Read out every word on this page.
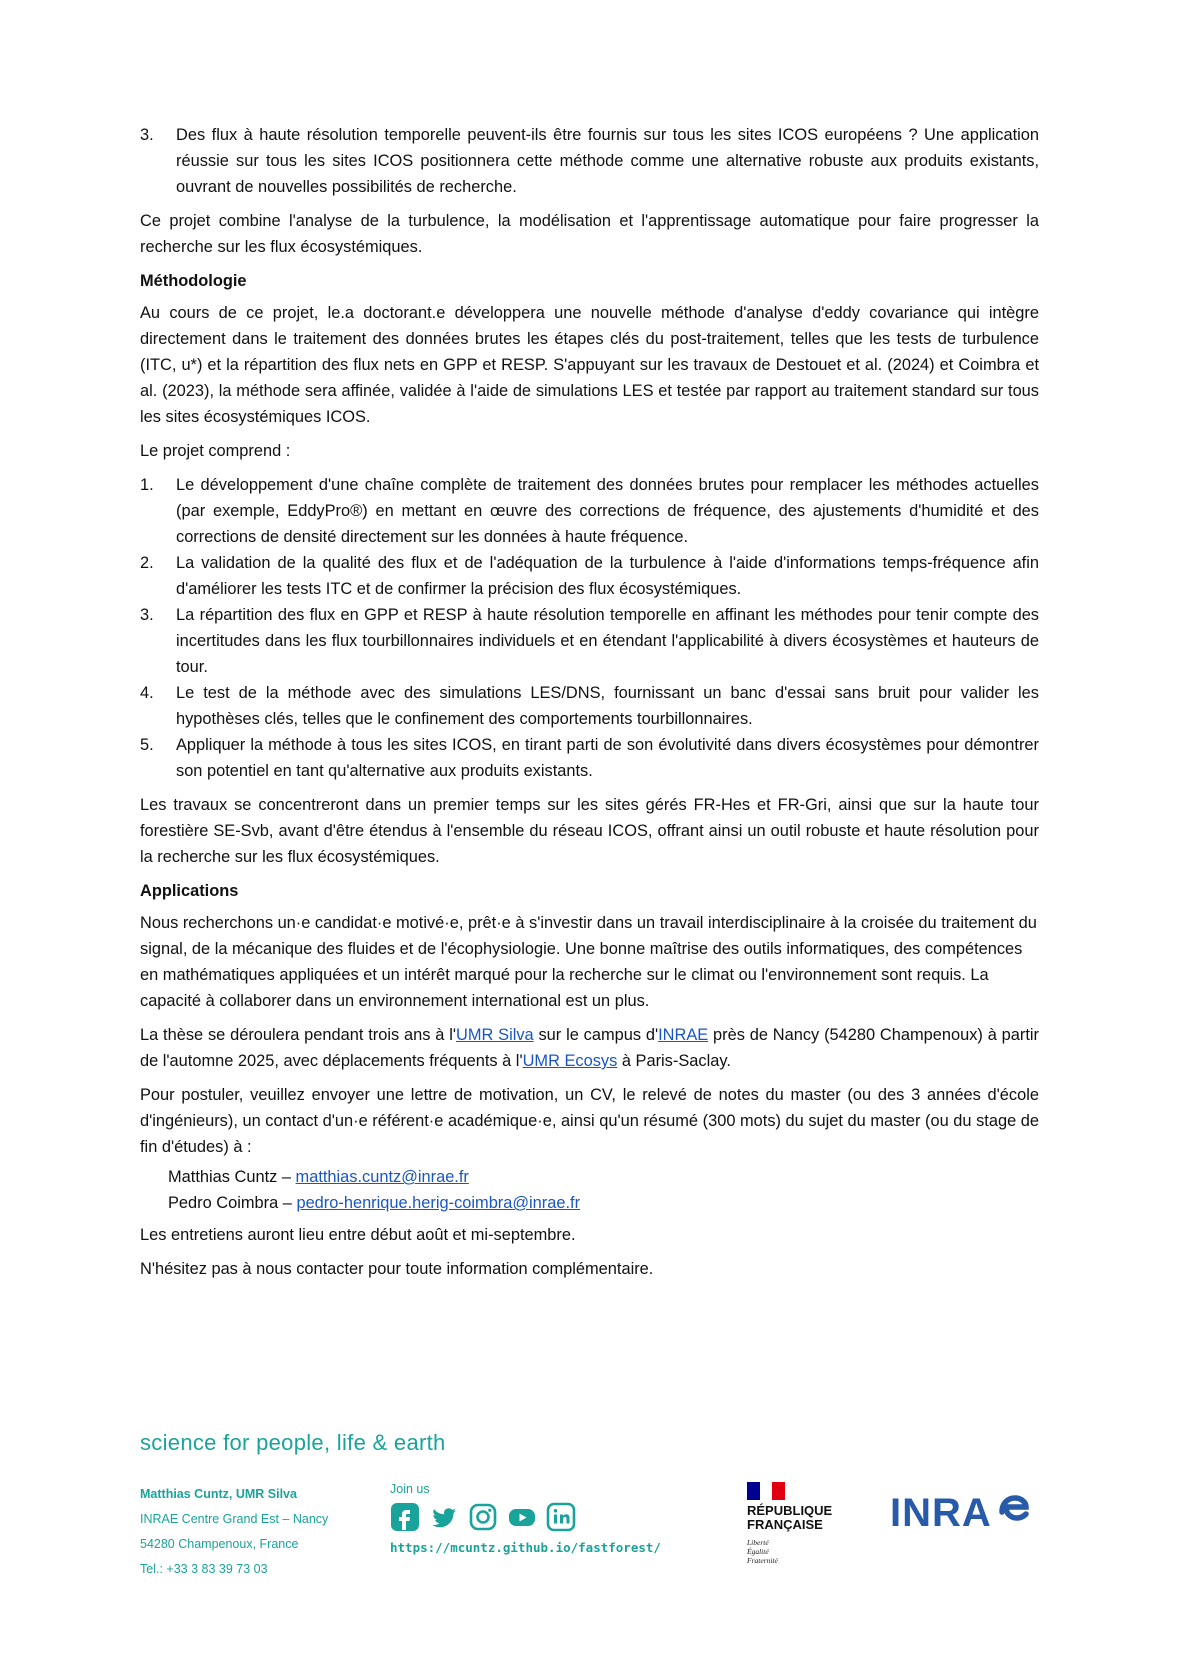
3. Des flux à haute résolution temporelle peuvent-ils être fournis sur tous les sites ICOS européens ? Une application réussie sur tous les sites ICOS positionnera cette méthode comme une alternative robuste aux produits existants, ouvrant de nouvelles possibilités de recherche.

Ce projet combine l'analyse de la turbulence, la modélisation et l'apprentissage automatique pour faire progresser la recherche sur les flux écosystémiques.

Méthodologie

Au cours de ce projet, le.a doctorant.e développera une nouvelle méthode d'analyse d'eddy covariance qui intègre directement dans le traitement des données brutes les étapes clés du post-traitement, telles que les tests de turbulence (ITC, u*) et la répartition des flux nets en GPP et RESP. S'appuyant sur les travaux de Destouet et al. (2024) et Coimbra et al. (2023), la méthode sera affinée, validée à l'aide de simulations LES et testée par rapport au traitement standard sur tous les sites écosystémiques ICOS.

Le projet comprend :

1. Le développement d'une chaîne complète de traitement des données brutes pour remplacer les méthodes actuelles (par exemple, EddyPro®) en mettant en œuvre des corrections de fréquence, des ajustements d'humidité et des corrections de densité directement sur les données à haute fréquence.
2. La validation de la qualité des flux et de l'adéquation de la turbulence à l'aide d'informations temps-fréquence afin d'améliorer les tests ITC et de confirmer la précision des flux écosystémiques.
3. La répartition des flux en GPP et RESP à haute résolution temporelle en affinant les méthodes pour tenir compte des incertitudes dans les flux tourbillonnaires individuels et en étendant l'applicabilité à divers écosystèmes et hauteurs de tour.
4. Le test de la méthode avec des simulations LES/DNS, fournissant un banc d'essai sans bruit pour valider les hypothèses clés, telles que le confinement des comportements tourbillonnaires.
5. Appliquer la méthode à tous les sites ICOS, en tirant parti de son évolutivité dans divers écosystèmes pour démontrer son potentiel en tant qu'alternative aux produits existants.

Les travaux se concentreront dans un premier temps sur les sites gérés FR-Hes et FR-Gri, ainsi que sur la haute tour forestière SE-Svb, avant d'être étendus à l'ensemble du réseau ICOS, offrant ainsi un outil robuste et haute résolution pour la recherche sur les flux écosystémiques.

Applications

Nous recherchons un·e candidat·e motivé·e, prêt·e à s'investir dans un travail interdisciplinaire à la croisée du traitement du signal, de la mécanique des fluides et de l'écophysiologie. Une bonne maîtrise des outils informatiques, des compétences en mathématiques appliquées et un intérêt marqué pour la recherche sur le climat ou l'environnement sont requis. La capacité à collaborer dans un environnement international est un plus.

La thèse se déroulera pendant trois ans à l'UMR Silva sur le campus d'INRAE près de Nancy (54280 Champenoux) à partir de l'automne 2025, avec déplacements fréquents à l'UMR Ecosys à Paris-Saclay.

Pour postuler, veuillez envoyer une lettre de motivation, un CV, le relevé de notes du master (ou des 3 années d'école d'ingénieurs), un contact d'un·e référent·e académique·e, ainsi qu'un résumé (300 mots) du sujet du master (ou du stage de fin d'études) à :

Matthias Cuntz – matthias.cuntz@inrae.fr
Pedro Coimbra – pedro-henrique.herig-coimbra@inrae.fr

Les entretiens auront lieu entre début août et mi-septembre.

N'hésitez pas à nous contacter pour toute information complémentaire.

science for people, life & earth
Matthias Cuntz, UMR Silva
INRAE Centre Grand Est – Nancy
54280 Champenoux, France
Tel.: +33 3 83 39 73 03
Join us
https://mcuntz.github.io/fastforest/
RÉPUBLIQUE
FRANÇAISE
Liberté
Égalité
Fraternité
INRA
